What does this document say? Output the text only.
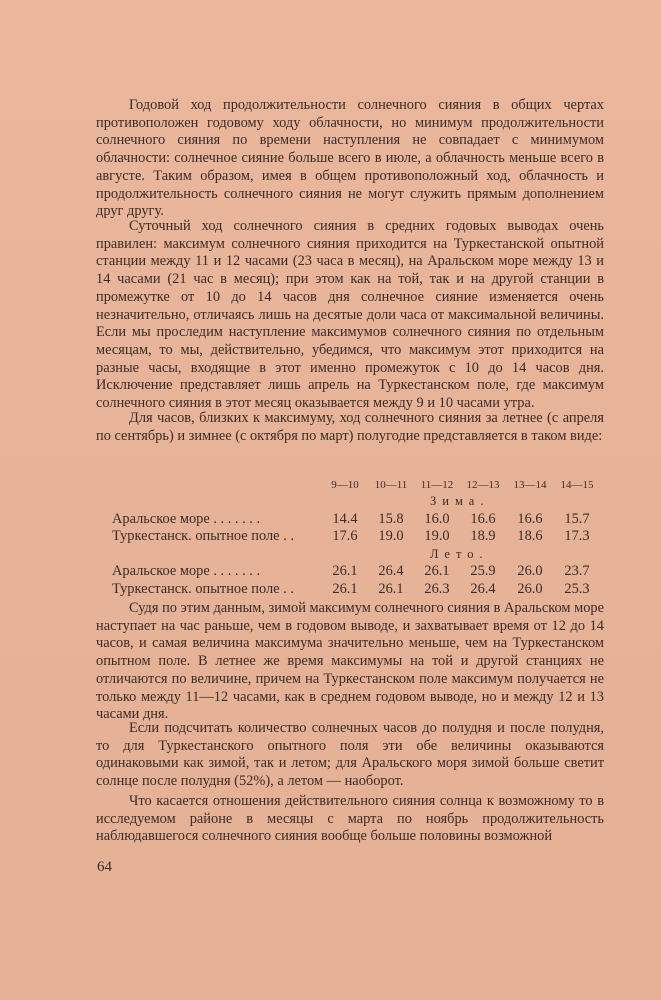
Годовой ход продолжительности солнечного сияния в общих чертах противоположен годовому ходу облачности, но минимум продолжительности солнечного сияния по времени наступления не совпадает с минимумом облачности: солнечное сияние больше всего в июле, а облачность меньше всего в августе. Таким образом, имея в общем противоположный ход, облачность и продолжительность солнечного сияния не могут служить прямым дополнением друг другу.

Суточный ход солнечного сияния в средних годовых выводах очень правилен: максимум солнечного сияния приходится на Туркестанской опытной станции между 11 и 12 часами (23 часа в месяц), на Аральском море между 13 и 14 часами (21 час в месяц); при этом как на той, так и на другой станции в промежутке от 10 до 14 часов дня солнечное сияние изменяется очень незначительно, отличаясь лишь на десятые доли часа от максимальной величины. Если мы проследим наступление максимумов солнечного сияния по отдельным месяцам, то мы, действительно, убедимся, что максимум этот приходится на разные часы, входящие в этот именно промежуток с 10 до 14 часов дня. Исключение представляет лишь апрель на Туркестанском поле, где максимум солнечного сияния в этот месяц оказывается между 9 и 10 часами утра.

Для часов, близких к максимуму, ход солнечного сияния за летнее (с апреля по сентябрь) и зимнее (с октября по март) полугодие представляется в таком виде:

9—10	10—11	11—12	12—13	13—14	14—15
Зима.
Аральское море . . . . . . .	14.4	15.8	16.0	16.6	16.6	15.7
Туркестанск. опытное поле . .	17.6	19.0	19.0	18.9	18.6	17.3
Лето.
Аральское море . . . . . . .	26.1	26.4	26.1	25.9	26.0	23.7
Туркестанск. опытное поле . .	26.1	26.1	26.3	26.4	26.0	25.3

Судя по этим данным, зимой максимум солнечного сияния в Аральском море наступает на час раньше, чем в годовом выводе, и захватывает время от 12 до 14 часов, и самая величина максимума значительно меньше, чем на Туркестанском опытном поле. В летнее же время максимумы на той и другой станциях не отличаются по величине, причем на Туркестанском поле максимум получается не только между 11—12 часами, как в среднем годовом выводе, но и между 12 и 13 часами дня.

Если подсчитать количество солнечных часов до полудня и после полудня, то для Туркестанского опытного поля эти обе величины оказываются одинаковыми как зимой, так и летом; для Аральского моря зимой больше светит солнце после полудня (52%), а летом — наоборот.

Что касается отношения действительного сияния солнца к возможному то в исследуемом районе в месяцы с марта по ноябрь продолжительность наблюдавшегося солнечного сияния вообще больше половины возможной

64
